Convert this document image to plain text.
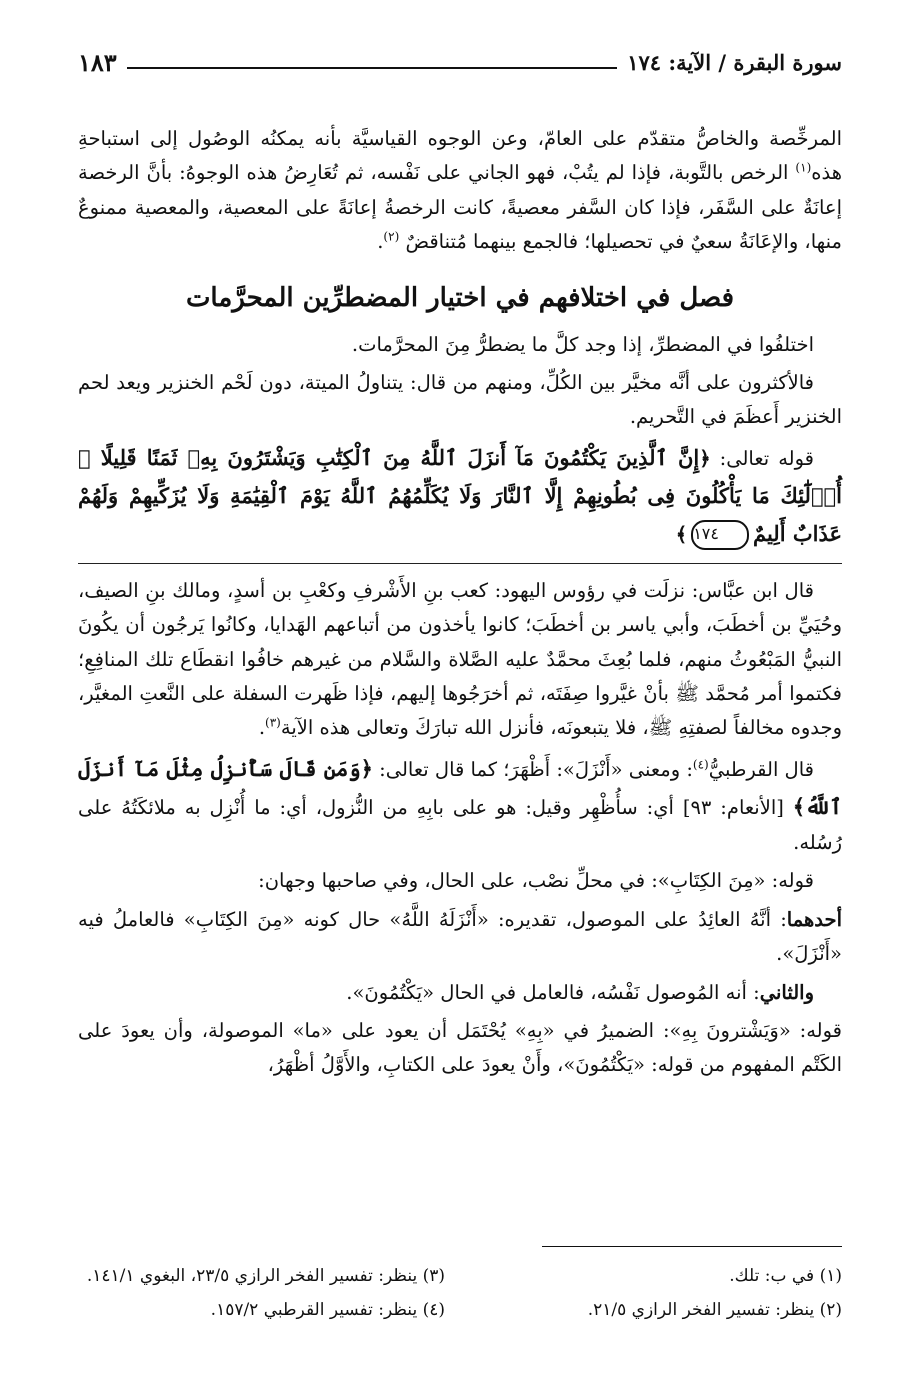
سورة البقرة / الآية: ١٧٤
١٨٣

المرخِّصة والخاصُّ متقدّم على العامّ، وعن الوجوه القياسيَّة بأنه يمكنُه الوصُول إلى استباحةِ هذه$^{(١)}$ الرخص بالتَّوبة، فإذا لم يتُبْ، فهو الجاني على نَفْسه، ثم تُعَارِضُ هذه الوجوهُ: بأنَّ الرخصة إعانَةٌ على السَّفَر، فإذا كان السَّفر معصيةً، كانت الرخصةُ إعانَةً على المعصية، والمعصية ممنوعٌ منها، والإعَانَةُ سعيٌ في تحصيلها؛ فالجمع بينهما مُتناقضٌ $^{(٢)}$.

فصل في اختلافهم في اختيار المضطرِّين المحرَّمات

اختلفُوا في المضطرِّ، إذا وجد كلَّ ما يضطرُّ مِنَ المحرَّمات.

فالأكثرون على أنَّه مخيَّر بين الكُلِّ، ومنهم من قال: يتناولُ الميتة، دون لَحْم الخنزير ويعد لحم الخنزير أَعظَمَ في التَّحريم.

قوله تعالى: ﴿إِنَّ ٱلَّذِينَ يَكْتُمُونَ مَآ أَنزَلَ ٱللَّهُ مِنَ ٱلْكِتَٰبِ وَيَشْتَرُونَ بِهِۦ ثَمَنًا قَلِيلًا ۙ أُو۟لَٰٓئِكَ مَا يَأْكُلُونَ فِى بُطُونِهِمْ إِلَّا ٱلنَّارَ وَلَا يُكَلِّمُهُمُ ٱللَّهُ يَوْمَ ٱلْقِيَٰمَةِ وَلَا يُزَكِّيهِمْ وَلَهُمْ عَذَابٌ أَلِيمٌ١٧٤﴾

قال ابن عبَّاس: نزلَت في رؤوس اليهود: كعب بنِ الأَشْرفِ وكعْبِ بن أسدٍ، ومالك بنِ الصيف، وحُيَيِّ بن أخطَبَ، وأبي ياسر بن أخطَبَ؛ كانوا يأخذون من أتباعهم الهَدايا، وكانُوا يَرجُون أن يكُونَ النبيُّ المَبْعُوثُ منهم، فلما بُعِثَ محمَّدٌ عليه الصَّلاة والسَّلام من غيرهم خافُوا انقطَاع تلك المنافِعِ؛ فكتموا أمر مُحمَّد ﷺ بأنْ غيَّروا صِفَتَه، ثم أخرَجُوها إليهم، فإذا ظَهرت السفلة على النَّعتِ المغيَّر، وجدوه مخالفاً لصفتِهِ ﷺ، فلا يتبعونَه، فأنزل الله تبارَكَ وتعالى هذه الآية$^{(٣)}$.

قال القرطبيُّ$^{(٤)}$: ومعنى «أَنْزَلَ»: أَظْهَرَ؛ كما قال تعالى: ﴿وَمَن قَالَ سَأُنزِلُ مِثْلَ مَآ أَنزَلَ ٱللَّهُ﴾ [الأنعام: ٩٣] أي: سأُظْهِر وقيل: هو على بابِهِ من النُّزول، أي: ما أُنْزِل به ملائكَتُهُ على رُسُله.

قوله: «مِنَ الكِتَابِ»: في محلِّ نصْب، على الحال، وفي صاحبها وجهان:

أحدهما: أنَّهُ العائِدُ على الموصول، تقديره: «أَنْزَلَهُ اللَّهُ» حال كونه «مِنَ الكِتَابِ» فالعاملُ فيه «أَنْزَلَ».

والثاني: أنه المُوصول نَفْسُه، فالعامل في الحال «يَكْتُمُونَ».

قوله: «وَيَشْترونَ بِهِ»: الضميرُ في «بِهِ» يُحْتَمَل أن يعود على «ما» الموصولة، وأن يعودَ على الكَتْم المفهوم من قوله: «يَكْتُمُونَ»، وأَنْ يعودَ على الكتابِ، والأَوَّلُ أظْهَرُ،

(١) في ب: تلك.
(٣) ينظر: تفسير الفخر الرازي ٢٣/٥، البغوي ١٤١/١.
(٢) ينظر: تفسير الفخر الرازي ٢١/٥.
(٤) ينظر: تفسير القرطبي ١٥٧/٢.
